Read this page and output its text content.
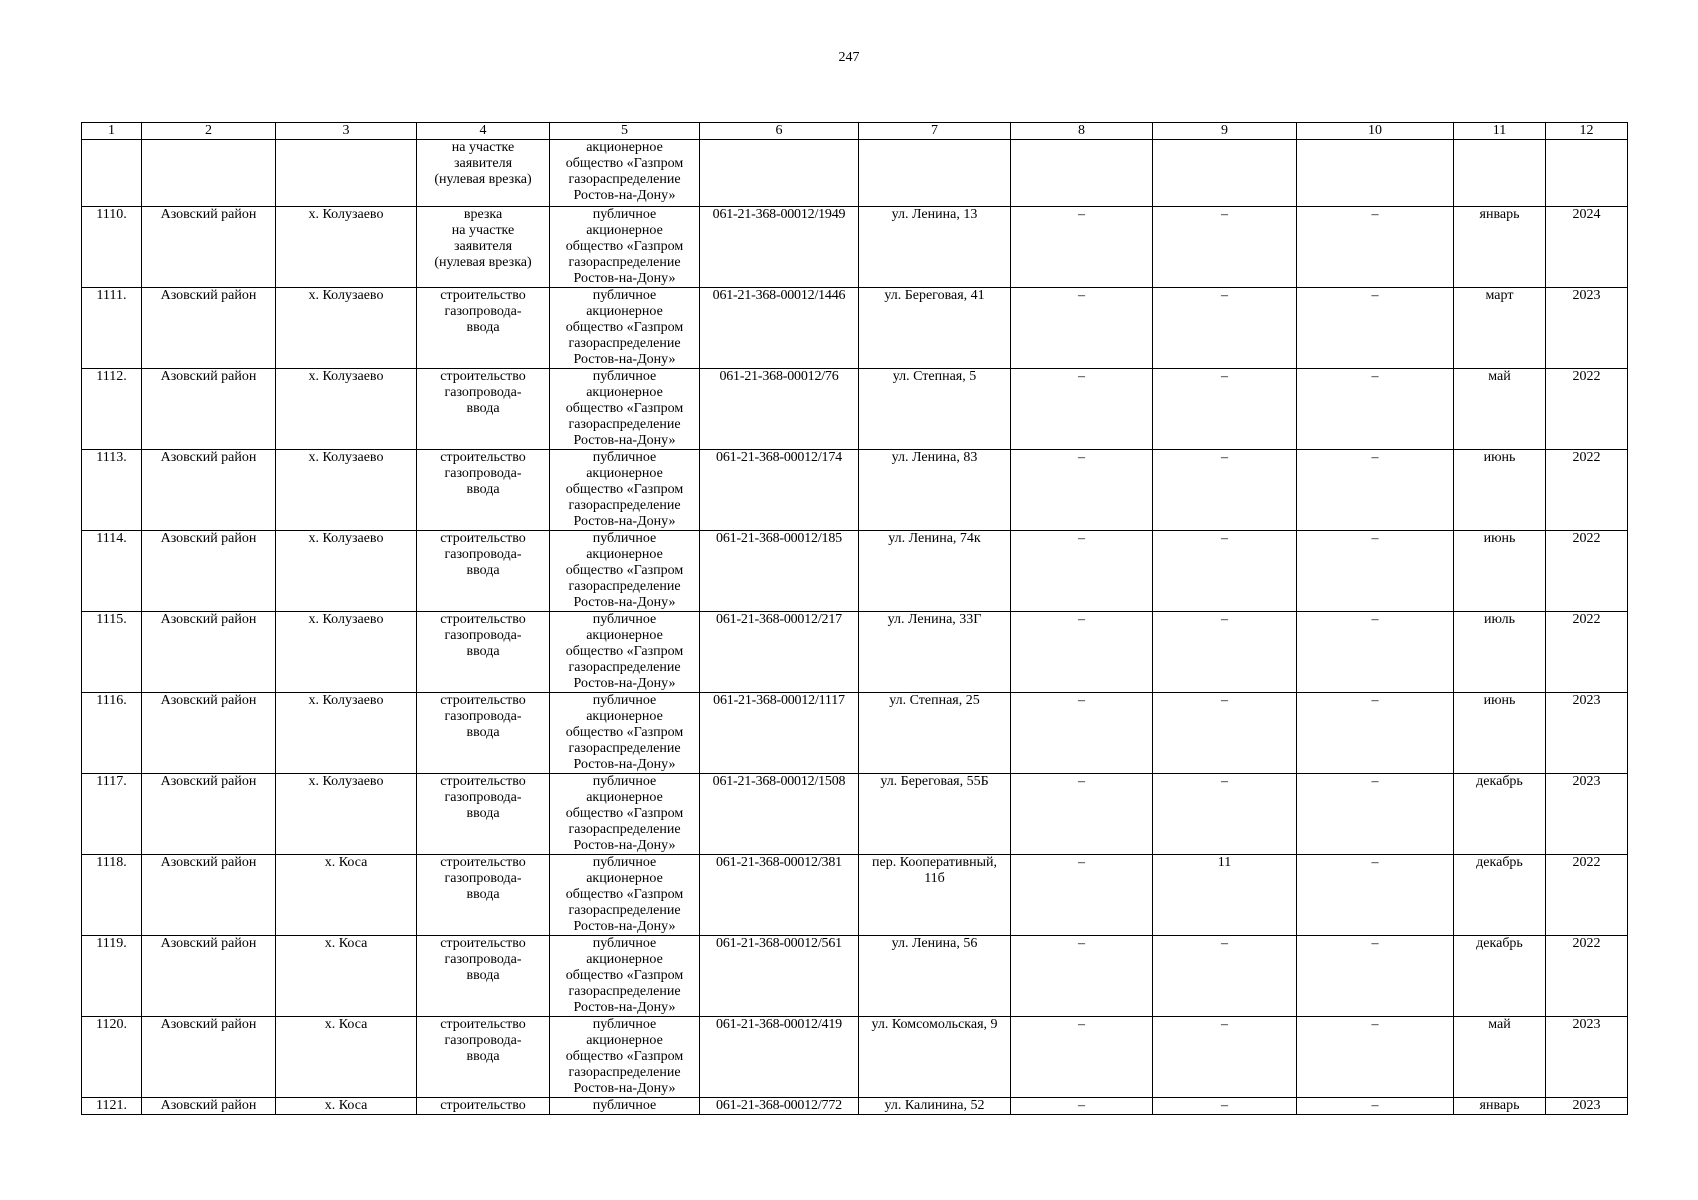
247
1	2	3	4	5	6	7	8	9	10	11	12
			на участке
заявителя
(нулевая врезка)	акционерное
общество «Газпром
газораспределение
Ростов-на-Дону»							
1110.	Азовский район	х. Колузаево	врезка
на участке
заявителя
(нулевая врезка)	публичное
акционерное
общество «Газпром
газораспределение
Ростов-на-Дону»	061-21-368-00012/1949	ул. Ленина, 13	–	–	–	январь	2024
1111.	Азовский район	х. Колузаево	строительство
газопровода-
ввода	публичное
акционерное
общество «Газпром
газораспределение
Ростов-на-Дону»	061-21-368-00012/1446	ул. Береговая, 41	–	–	–	март	2023
1112.	Азовский район	х. Колузаево	строительство
газопровода-
ввода	публичное
акционерное
общество «Газпром
газораспределение
Ростов-на-Дону»	061-21-368-00012/76	ул. Степная, 5	–	–	–	май	2022
1113.	Азовский район	х. Колузаево	строительство
газопровода-
ввода	публичное
акционерное
общество «Газпром
газораспределение
Ростов-на-Дону»	061-21-368-00012/174	ул. Ленина, 83	–	–	–	июнь	2022
1114.	Азовский район	х. Колузаево	строительство
газопровода-
ввода	публичное
акционерное
общество «Газпром
газораспределение
Ростов-на-Дону»	061-21-368-00012/185	ул. Ленина, 74к	–	–	–	июнь	2022
1115.	Азовский район	х. Колузаево	строительство
газопровода-
ввода	публичное
акционерное
общество «Газпром
газораспределение
Ростов-на-Дону»	061-21-368-00012/217	ул. Ленина, 33Г	–	–	–	июль	2022
1116.	Азовский район	х. Колузаево	строительство
газопровода-
ввода	публичное
акционерное
общество «Газпром
газораспределение
Ростов-на-Дону»	061-21-368-00012/1117	ул. Степная, 25	–	–	–	июнь	2023
1117.	Азовский район	х. Колузаево	строительство
газопровода-
ввода	публичное
акционерное
общество «Газпром
газораспределение
Ростов-на-Дону»	061-21-368-00012/1508	ул. Береговая, 55Б	–	–	–	декабрь	2023
1118.	Азовский район	х. Коса	строительство
газопровода-
ввода	публичное
акционерное
общество «Газпром
газораспределение
Ростов-на-Дону»	061-21-368-00012/381	пер. Кооперативный,
11б	–	11	–	декабрь	2022
1119.	Азовский район	х. Коса	строительство
газопровода-
ввода	публичное
акционерное
общество «Газпром
газораспределение
Ростов-на-Дону»	061-21-368-00012/561	ул. Ленина, 56	–	–	–	декабрь	2022
1120.	Азовский район	х. Коса	строительство
газопровода-
ввода	публичное
акционерное
общество «Газпром
газораспределение
Ростов-на-Дону»	061-21-368-00012/419	ул. Комсомольская, 9	–	–	–	май	2023
1121.	Азовский район	х. Коса	строительство	публичное	061-21-368-00012/772	ул. Калинина, 52	–	–	–	январь	2023
